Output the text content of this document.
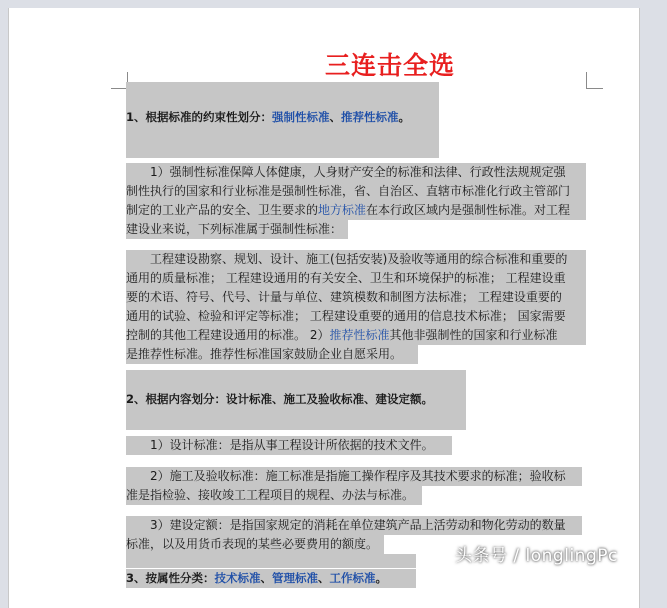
三连击全选
1、根据标准的约束性划分：强制性标准、推荐性标准。
1）强制性标准保障人体健康，人身财产安全的标准和法律、行政性法规规定强
制性执行的国家和行业标准是强制性标准，省、自治区、直辖市标准化行政主管部门
制定的工业产品的安全、卫生要求的地方标准在本行政区域内是强制性标准。对工程
建设业来说，下列标准属于强制性标准：
工程建设勘察、规划、设计、施工(包括安装)及验收等通用的综合标准和重要的
通用的质量标准； 工程建设通用的有关安全、卫生和环境保护的标准； 工程建设重
要的术语、符号、代号、计量与单位、建筑模数和制图方法标准； 工程建设重要的
通用的试验、检验和评定等标准； 工程建设重要的通用的信息技术标准； 国家需要
控制的其他工程建设通用的标准。 2）推荐性标准其他非强制性的国家和行业标准
是推荐性标准。推荐性标准国家鼓励企业自愿采用。
2、根据内容划分：设计标准、施工及验收标准、建设定额。
1）设计标准：是指从事工程设计所依据的技术文件。
2）施工及验收标准：施工标准是指施工操作程序及其技术要求的标准；验收标
准是指检验、接收竣工工程项目的规程、办法与标准。
3）建设定额：是指国家规定的消耗在单位建筑产品上活劳动和物化劳动的数量
标准，以及用货币表现的某些必要费用的额度。
3、按属性分类：技术标准、管理标准、工作标准。
头条号 / longlingPc
